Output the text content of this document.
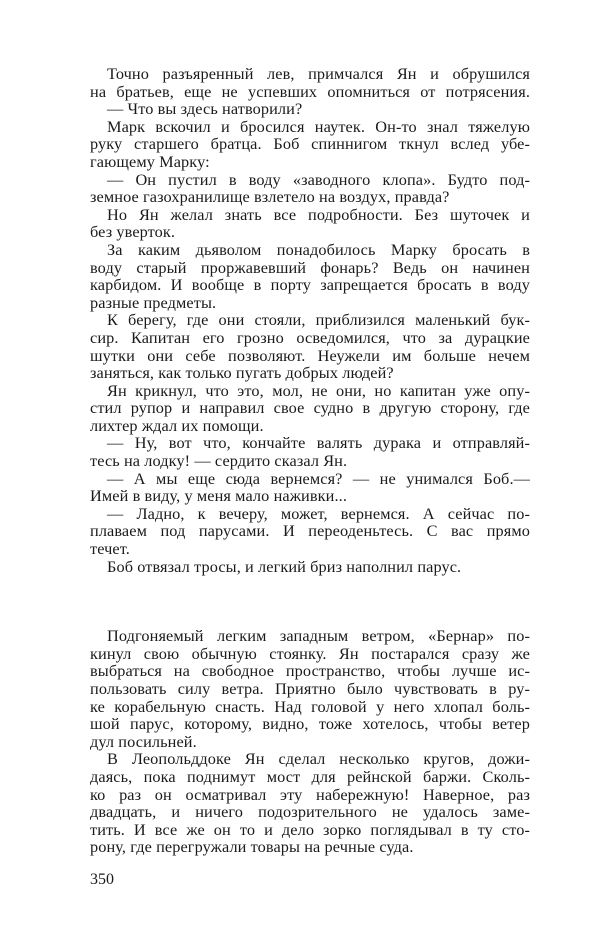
Точно разъяренный лев, примчался Ян и обрушился
на братьев, еще не успевших опомниться от потрясения.
— Что вы здесь натворили?
Марк вскочил и бросился наутек. Он-то знал тяжелую
руку старшего братца. Боб спиннигом ткнул вслед убе-
гающему Марку:
— Он пустил в воду «заводного клопа». Будто под-
земное газохранилище взлетело на воздух, правда?
Но Ян желал знать все подробности. Без шуточек и
без уверток.
За каким дьяволом понадобилось Марку бросать в
воду старый проржавевший фонарь? Ведь он начинен
карбидом. И вообще в порту запрещается бросать в воду
разные предметы.
К берегу, где они стояли, приблизился маленький бук-
сир. Капитан его грозно осведомился, что за дурацкие
шутки они себе позволяют. Неужели им больше нечем
заняться, как только пугать добрых людей?
Ян крикнул, что это, мол, не они, но капитан уже опу-
стил рупор и направил свое судно в другую сторону, где
лихтер ждал их помощи.
— Ну, вот что, кончайте валять дурака и отправляй-
тесь на лодку! — сердито сказал Ян.
— А мы еще сюда вернемся? — не унимался Боб.—
Имей в виду, у меня мало наживки...
— Ладно, к вечеру, может, вернемся. А сейчас по-
плаваем под парусами. И переоденьтесь. С вас прямо
течет.
Боб отвязал тросы, и легкий бриз наполнил парус.
Подгоняемый легким западным ветром, «Бернар» по-
кинул свою обычную стоянку. Ян постарался сразу же
выбраться на свободное пространство, чтобы лучше ис-
пользовать силу ветра. Приятно было чувствовать в ру-
ке корабельную снасть. Над головой у него хлопал боль-
шой парус, которому, видно, тоже хотелось, чтобы ветер
дул посильней.
В Леопольддоке Ян сделал несколько кругов, дожи-
даясь, пока поднимут мост для рейнской баржи. Сколь-
ко раз он осматривал эту набережную! Наверное, раз
двадцать, и ничего подозрительного не удалось заме-
тить. И все же он то и дело зорко поглядывал в ту сто-
рону, где перегружали товары на речные суда.
350
